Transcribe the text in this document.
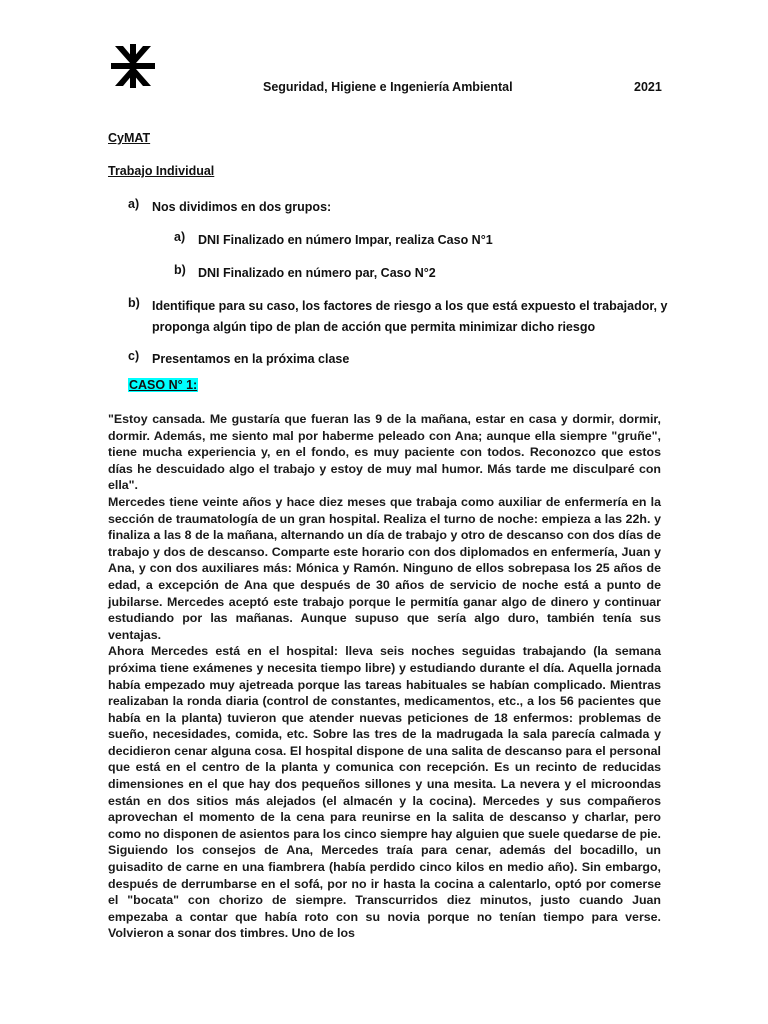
Seguridad, Higiene e Ingeniería Ambiental	2021
CyMAT
Trabajo Individual
a) Nos dividimos en dos grupos:
a) DNI Finalizado en número Impar, realiza Caso N°1
b) DNI Finalizado en número par, Caso N°2
b) Identifique para su caso, los factores de riesgo a los que está expuesto el trabajador, y
proponga algún tipo de plan de acción que permita minimizar dicho riesgo
c) Presentamos en la próxima clase
CASO N° 1:

"Estoy cansada. Me gustaría que fueran las 9 de la mañana, estar en casa y dormir, dormir, dormir. Además, me siento mal por haberme peleado con Ana; aunque ella siempre "gruñe", tiene mucha experiencia y, en el fondo, es muy paciente con todos. Reconozco que estos días he descuidado algo el trabajo y estoy de muy mal humor. Más tarde me disculparé con ella".

Mercedes tiene veinte años y hace diez meses que trabaja como auxiliar de enfermería en la sección de traumatología de un gran hospital. Realiza el turno de noche: empieza a las 22h. y finaliza a las 8 de la mañana, alternando un día de trabajo y otro de descanso con dos días de trabajo y dos de descanso. Comparte este horario con dos diplomados en enfermería, Juan y Ana, y con dos auxiliares más: Mónica y Ramón. Ninguno de ellos sobrepasa los 25 años de edad, a excepción de Ana que después de 30 años de servicio de noche está a punto de jubilarse. Mercedes aceptó este trabajo porque le permitía ganar algo de dinero y continuar estudiando por las mañanas. Aunque supuso que sería algo duro, también tenía sus ventajas.

Ahora Mercedes está en el hospital: lleva seis noches seguidas trabajando (la semana próxima tiene exámenes y necesita tiempo libre) y estudiando durante el día. Aquella jornada había empezado muy ajetreada porque las tareas habituales se habían complicado. Mientras realizaban la ronda diaria (control de constantes, medicamentos, etc., a los 56 pacientes que había en la planta) tuvieron que atender nuevas peticiones de 18 enfermos: problemas de sueño, necesidades, comida, etc. Sobre las tres de la madrugada la sala parecía calmada y decidieron cenar alguna cosa. El hospital dispone de una salita de descanso para el personal que está en el centro de la planta y comunica con recepción. Es un recinto de reducidas dimensiones en el que hay dos pequeños sillones y una mesita. La nevera y el microondas están en dos sitios más alejados (el almacén y la cocina). Mercedes y sus compañeros aprovechan el momento de la cena para reunirse en la salita de descanso y charlar, pero como no disponen de asientos para los cinco siempre hay alguien que suele quedarse de pie.

Siguiendo los consejos de Ana, Mercedes traía para cenar, además del bocadillo, un guisadito de carne en una fiambrera (había perdido cinco kilos en medio año). Sin embargo, después de derrumbarse en el sofá, por no ir hasta la cocina a calentarlo, optó por comerse el "bocata" con chorizo de siempre. Transcurridos diez minutos, justo cuando Juan empezaba a contar que había roto con su novia porque no tenían tiempo para verse. Volvieron a sonar dos timbres. Uno de los
